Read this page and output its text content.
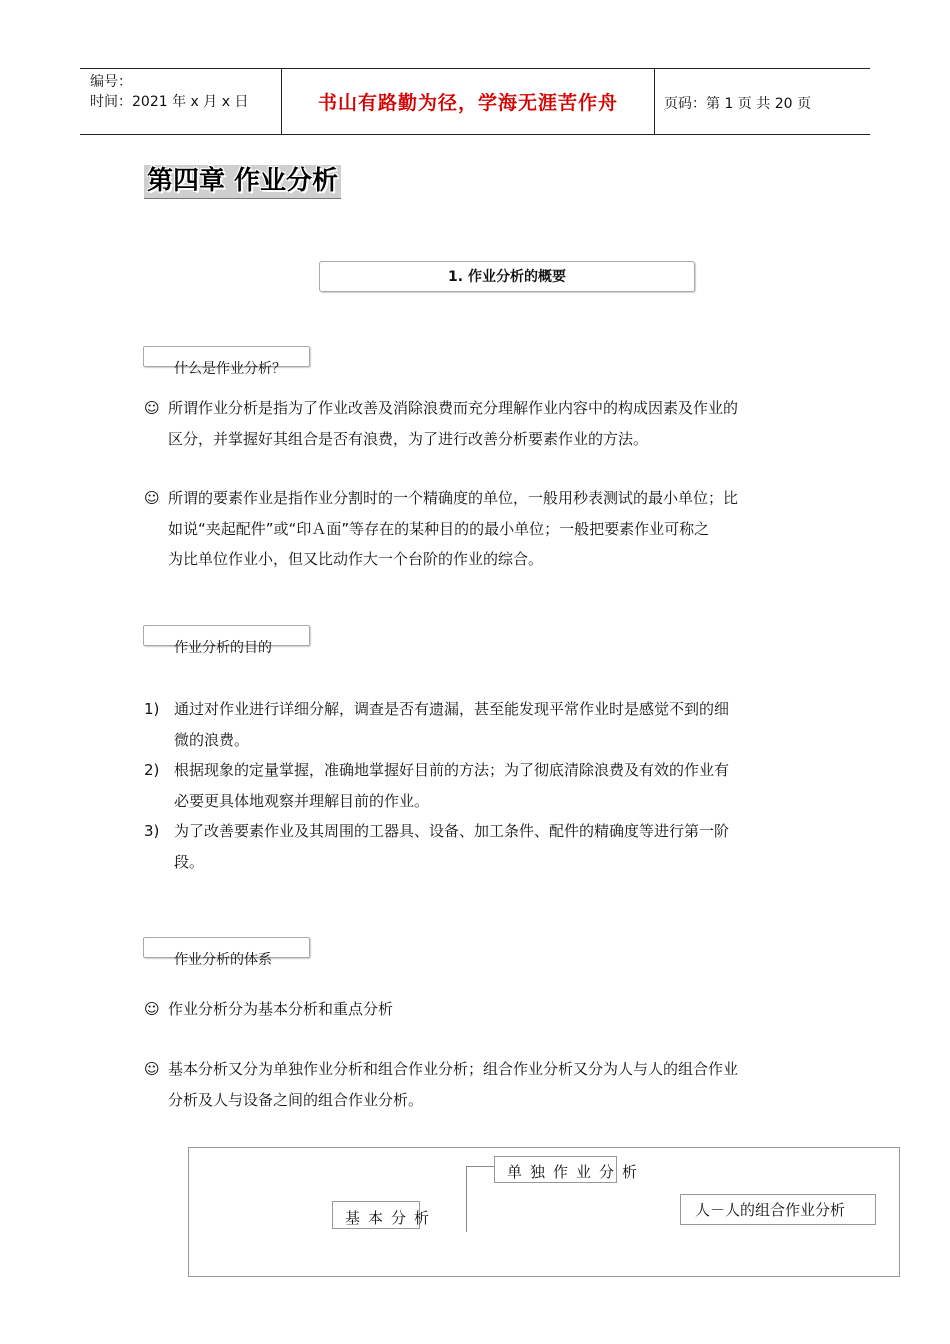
编号：
时间：2021 年 x 月 x 日	书山有路勤为径，学海无涯苦作舟	页码：第 1 页 共 20 页
第四章 作业分析
1. 作业分析的概要
什么是作业分析？
☺ 所谓作业分析是指为了作业改善及消除浪费而充分理解作业内容中的构成因素及作业的
区分，并掌握好其组合是否有浪费，为了进行改善分析要素作业的方法。
☺ 所谓的要素作业是指作业分割时的一个精确度的单位，一般用秒表测试的最小单位；比
如说“夹起配件”或“印Ａ面”等存在的某种目的的最小单位；一般把要素作业可称之
为比单位作业小，但又比动作大一个台阶的作业的综合。
作业分析的目的
1) 通过对作业进行详细分解，调查是否有遗漏，甚至能发现平常作业时是感觉不到的细
微的浪费。
2) 根据现象的定量掌握，准确地掌握好目前的方法；为了彻底清除浪费及有效的作业有
必要更具体地观察并理解目前的作业。
3) 为了改善要素作业及其周围的工器具、设备、加工条件、配件的精确度等进行第一阶
段。
作业分析的体系
☺ 作业分析分为基本分析和重点分析
☺ 基本分析又分为单独作业分析和组合作业分析；组合作业分析又分为人与人的组合作业
分析及人与设备之间的组合作业分析。
单独作业分析
基本分析	人－人的组合作业分析
